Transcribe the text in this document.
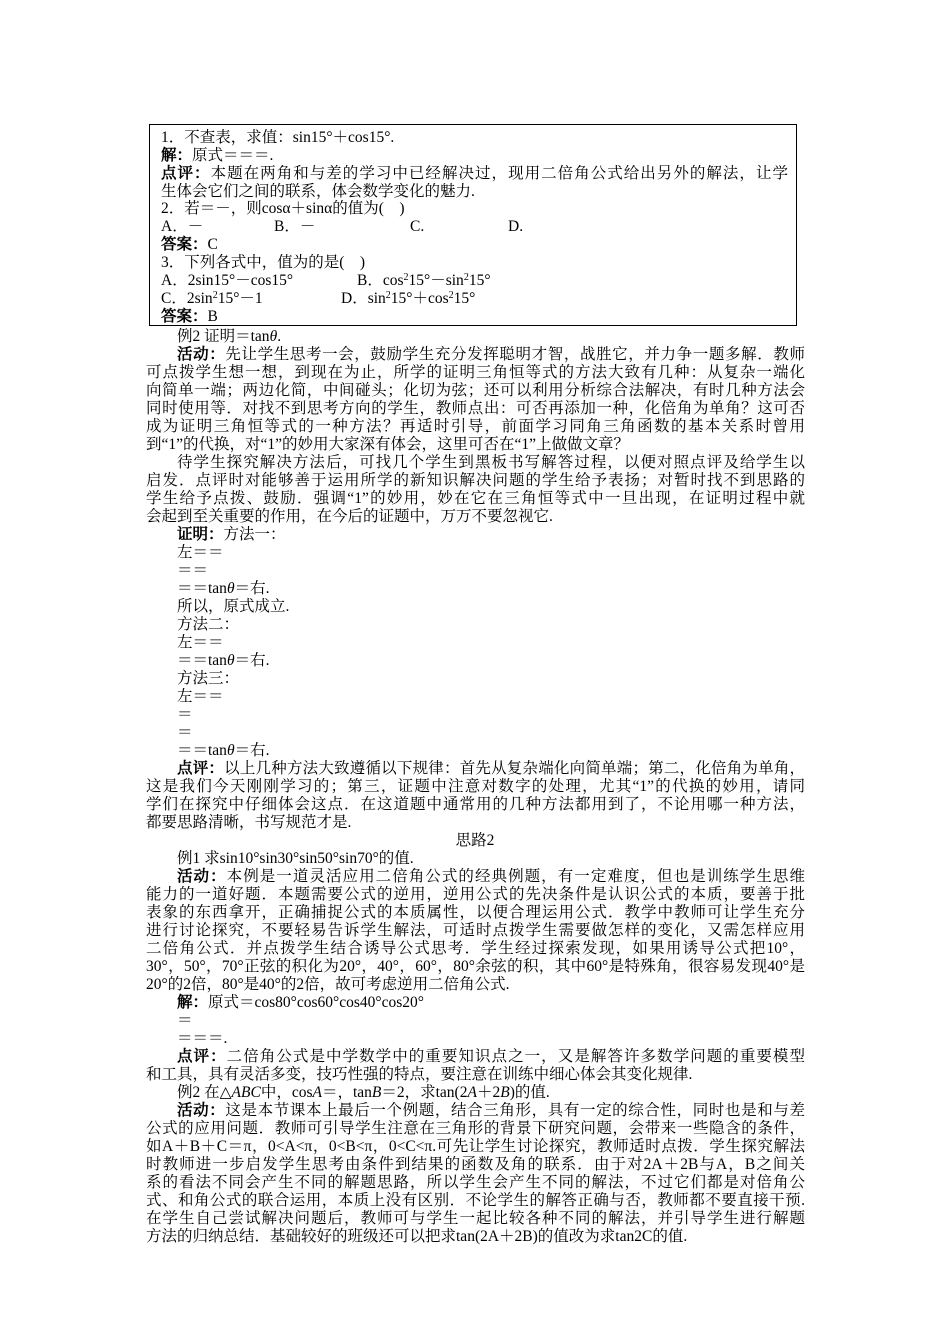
1．不查表，求值：sin15°＋cos15°.
解：原式＝＝＝.
点评：本题在两角和与差的学习中已经解决过，现用二倍角公式给出另外的解法，让学
生体会它们之间的联系，体会数学变化的魅力.
2．若＝－，则cosα＋sinα的值为(　)
A．－	B．－	C.	D.
答案：C
3．下列各式中，值为的是(　)
A．2sin15°－cos15°	B．$\cos^215^\circ-\sin^215^\circ$
C．$2\sin^215^\circ-1$	D．$\sin^215^\circ+\cos^215^\circ$
答案：B
例2 证明＝tanθ.
活动：先让学生思考一会，鼓励学生充分发挥聪明才智，战胜它，并力争一题多解．教师
可点拨学生想一想，到现在为止，所学的证明三角恒等式的方法大致有几种：从复杂一端化
向简单一端；两边化简，中间碰头；化切为弦；还可以利用分析综合法解决，有时几种方法会
同时使用等．对找不到思考方向的学生，教师点出：可否再添加一种，化倍角为单角？这可否
成为证明三角恒等式的一种方法？再适时引导，前面学习同角三角函数的基本关系时曾用
到“1”的代换，对“1”的妙用大家深有体会，这里可否在“1”上做做文章？
待学生探究解决方法后，可找几个学生到黑板书写解答过程，以便对照点评及给学生以
启发．点评时对能够善于运用所学的新知识解决问题的学生给予表扬；对暂时找不到思路的
学生给予点拨、鼓励．强调“1”的妙用，妙在它在三角恒等式中一旦出现，在证明过程中就
会起到至关重要的作用，在今后的证题中，万万不要忽视它.
证明：方法一：
左＝＝
＝＝
＝＝tanθ＝右.
所以，原式成立.
方法二：
左＝＝
＝＝tanθ＝右.
方法三：
左＝＝
＝
＝
＝＝tanθ＝右.
点评：以上几种方法大致遵循以下规律：首先从复杂端化向简单端；第二，化倍角为单角，
这是我们今天刚刚学习的；第三，证题中注意对数字的处理，尤其“1”的代换的妙用，请同
学们在探究中仔细体会这点．在这道题中通常用的几种方法都用到了，不论用哪一种方法，
都要思路清晰，书写规范才是.
思路2
例1 求sin10°sin30°sin50°sin70°的值.
活动：本例是一道灵活应用二倍角公式的经典例题，有一定难度，但也是训练学生思维
能力的一道好题．本题需要公式的逆用，逆用公式的先决条件是认识公式的本质，要善于批
表象的东西拿开，正确捕捉公式的本质属性，以便合理运用公式．教学中教师可让学生充分
进行讨论探究，不要轻易告诉学生解法，可适时点拨学生需要做怎样的变化，又需怎样应用
二倍角公式．并点拨学生结合诱导公式思考．学生经过探索发现，如果用诱导公式把10°，
30°，50°，70°正弦的积化为20°，40°，60°，80°余弦的积，其中60°是特殊角，很容易发现40°是
20°的2倍，80°是40°的2倍，故可考虑逆用二倍角公式.
解：原式＝cos80°cos60°cos40°cos20°
＝
＝＝＝.
点评：二倍角公式是中学数学中的重要知识点之一，又是解答许多数学问题的重要模型
和工具，具有灵活多变，技巧性强的特点，要注意在训练中细心体会其变化规律.
例2 在△ABC中，cosA＝，tanB＝2，求tan(2A＋2B)的值.
活动：这是本节课本上最后一个例题，结合三角形，具有一定的综合性，同时也是和与差
公式的应用问题．教师可引导学生注意在三角形的背景下研究问题，会带来一些隐含的条件，
如A＋B＋C＝π，0<A<π，0<B<π，0<C<π.可先让学生讨论探究，教师适时点拨．学生探究解法
时教师进一步启发学生思考由条件到结果的函数及角的联系．由于对2A＋2B与A，B之间关
系的看法不同会产生不同的解题思路，所以学生会产生不同的解法，不过它们都是对倍角公
式、和角公式的联合运用，本质上没有区别．不论学生的解答正确与否，教师都不要直接干预.
在学生自己尝试解决问题后，教师可与学生一起比较各种不同的解法，并引导学生进行解题
方法的归纳总结．基础较好的班级还可以把求tan(2A＋2B)的值改为求tan2C的值.
